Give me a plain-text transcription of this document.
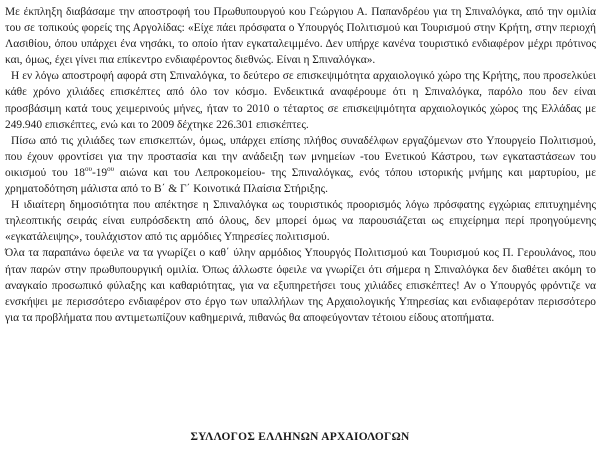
Με έκπληξη διαβάσαμε την αποστροφή του Πρωθυπουργού κου Γεώργιου Α. Παπανδρέου για τη Σπιναλόγκα, από την ομιλία του σε τοπικούς φορείς της Αργολίδας: «Είχε πάει πρόσφατα ο Υπουργός Πολιτισμού και Τουρισμού στην Κρήτη, στην περιοχή Λασιθίου, όπου υπάρχει ένα νησάκι, το οποίο ήταν εγκαταλειμμένο. Δεν υπήρχε κανένα τουριστικό ενδιαφέρον μέχρι πρότινος και, όμως, έχει γίνει πια επίκεντρο ενδιαφέροντος διεθνώς. Είναι η Σπιναλόγκα».

Η εν λόγω αποστροφή αφορά στη Σπιναλόγκα, το δεύτερο σε επισκεψιμότητα αρχαιολογικό χώρο της Κρήτης, που προσελκύει κάθε χρόνο χιλιάδες επισκέπτες από όλο τον κόσμο. Ενδεικτικά αναφέρουμε ότι η Σπιναλόγκα, παρόλο που δεν είναι προσβάσιμη κατά τους χειμερινούς μήνες, ήταν το 2010 ο τέταρτος σε επισκεψιμότητα αρχαιολογικός χώρος της Ελλάδας με 249.940 επισκέπτες, ενώ και το 2009 δέχτηκε 226.301 επισκέπτες.

Πίσω από τις χιλιάδες των επισκεπτών, όμως, υπάρχει επίσης πλήθος συναδέλφων εργαζόμενων στο Υπουργείο Πολιτισμού, που έχουν φροντίσει για την προστασία και την ανάδειξη των μνημείων -του Ενετικού Κάστρου, των εγκαταστάσεων του οικισμού του $18^{o\upsilon}-19^{o\upsilon}$ αιώνα και του Λεπροκομείου- της Σπιναλόγκας, ενός τόπου ιστορικής μνήμης και μαρτυρίου, με χρηματοδότηση μάλιστα από το Β΄ & Γ΄ Κοινοτικά Πλαίσια Στήριξης.

Η ιδιαίτερη δημοσιότητα που απέκτησε η Σπιναλόγκα ως τουριστικός προορισμός λόγω πρόσφατης εγχώριας επιτυχημένης τηλεοπτικής σειράς είναι ευπρόσδεκτη από όλους, δεν μπορεί όμως να παρουσιάζεται ως επιχείρημα περί προηγούμενης «εγκατάλειψης», τουλάχιστον από τις αρμόδιες Υπηρεσίες πολιτισμού.

Όλα τα παραπάνω όφειλε να τα γνωρίζει ο καθ΄ ύλην αρμόδιος Υπουργός Πολιτισμού και Τουρισμού κος Π. Γερουλάνος, που ήταν παρών στην πρωθυπουργική ομιλία. Όπως άλλωστε όφειλε να γνωρίζει ότι σήμερα η Σπιναλόγκα δεν διαθέτει ακόμη το αναγκαίο προσωπικό φύλαξης και καθαριότητας, για να εξυπηρετήσει τους χιλιάδες επισκέπτες! Αν ο Υπουργός φρόντιζε να ενσκήψει με περισσότερο ενδιαφέρον στο έργο των υπαλλήλων της Αρχαιολογικής Υπηρεσίας και ενδιαφερόταν περισσότερο για τα προβλήματα που αντιμετωπίζουν καθημερινά, πιθανώς θα αποφεύγονταν τέτοιου είδους ατοπήματα.

ΣΥΛΛΟΓΟΣ ΕΛΛΗΝΩΝ ΑΡΧΑΙΟΛΟΓΩΝ
